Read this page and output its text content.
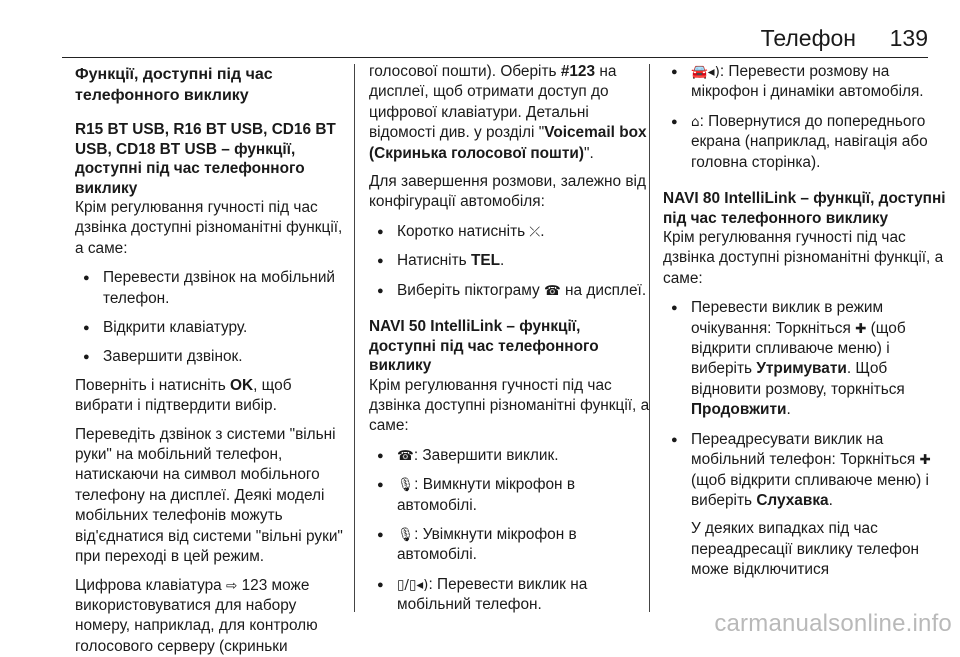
Телефон 139
Функції, доступні під час телефонного виклику
R15 BT USB, R16 BT USB, CD16 BT USB, CD18 BT USB – функції, доступні під час телефонного виклику
Крім регулювання гучності під час дзвінка доступні різноманітні функції, а саме:
● Перевести дзвінок на мобільний телефон.
● Відкрити клавіатуру.
● Завершити дзвінок.
Поверніть і натисніть OK, щоб вибрати і підтвердити вибір.
Переведіть дзвінок з системи "вільні руки" на мобільний телефон, натискаючи на символ мобільного телефону на дисплеї. Деякі моделі мобільних телефонів можуть від'єднатися від системи "вільні руки" при переході в цей режим.
Цифрова клавіатура ⇨ 123 може використовуватися для набору номеру, наприклад, для контролю голосового серверу (скриньки
голосової пошти). Оберіть #123 на дисплеї, щоб отримати доступ до цифрової клавіатури. Детальні відомості див. у розділі "Voicemail box (Скринька голосової пошти)".
Для завершення розмови, залежно від конфігурації автомобіля:
● Коротко натисніть ⤫.
● Натисніть TEL.
● Виберіть піктограму ☎ на дисплеї.
NAVI 50 IntelliLink – функції, доступні під час телефонного виклику
Крім регулювання гучності під час дзвінка доступні різноманітні функції, а саме:
● ☎: Завершити виклик.
● 🎙: Вимкнути мікрофон в автомобілі.
● 🎙: Увімкнути мікрофон в автомобілі.
● ▯/▯◂): Перевести виклик на мобільний телефон.
● 🚘◂): Перевести розмову на мікрофон і динаміки автомобіля.
● ⌂: Повернутися до попереднього екрана (наприклад, навігація або головна сторінка).
NAVI 80 IntelliLink – функції, доступні під час телефонного виклику
Крім регулювання гучності під час дзвінка доступні різноманітні функції, а саме:
● Перевести виклик в режим очікування: Торкніться ✚ (щоб відкрити спливаюче меню) і виберіть Утримувати. Щоб відновити розмову, торкніться Продовжити.
● Переадресувати виклик на мобільний телефон: Торкніться ✚ (щоб відкрити спливаюче меню) і виберіть Слухавка.
У деяких випадках під час переадресації виклику телефон може відключитися
carmanualsonline.info
